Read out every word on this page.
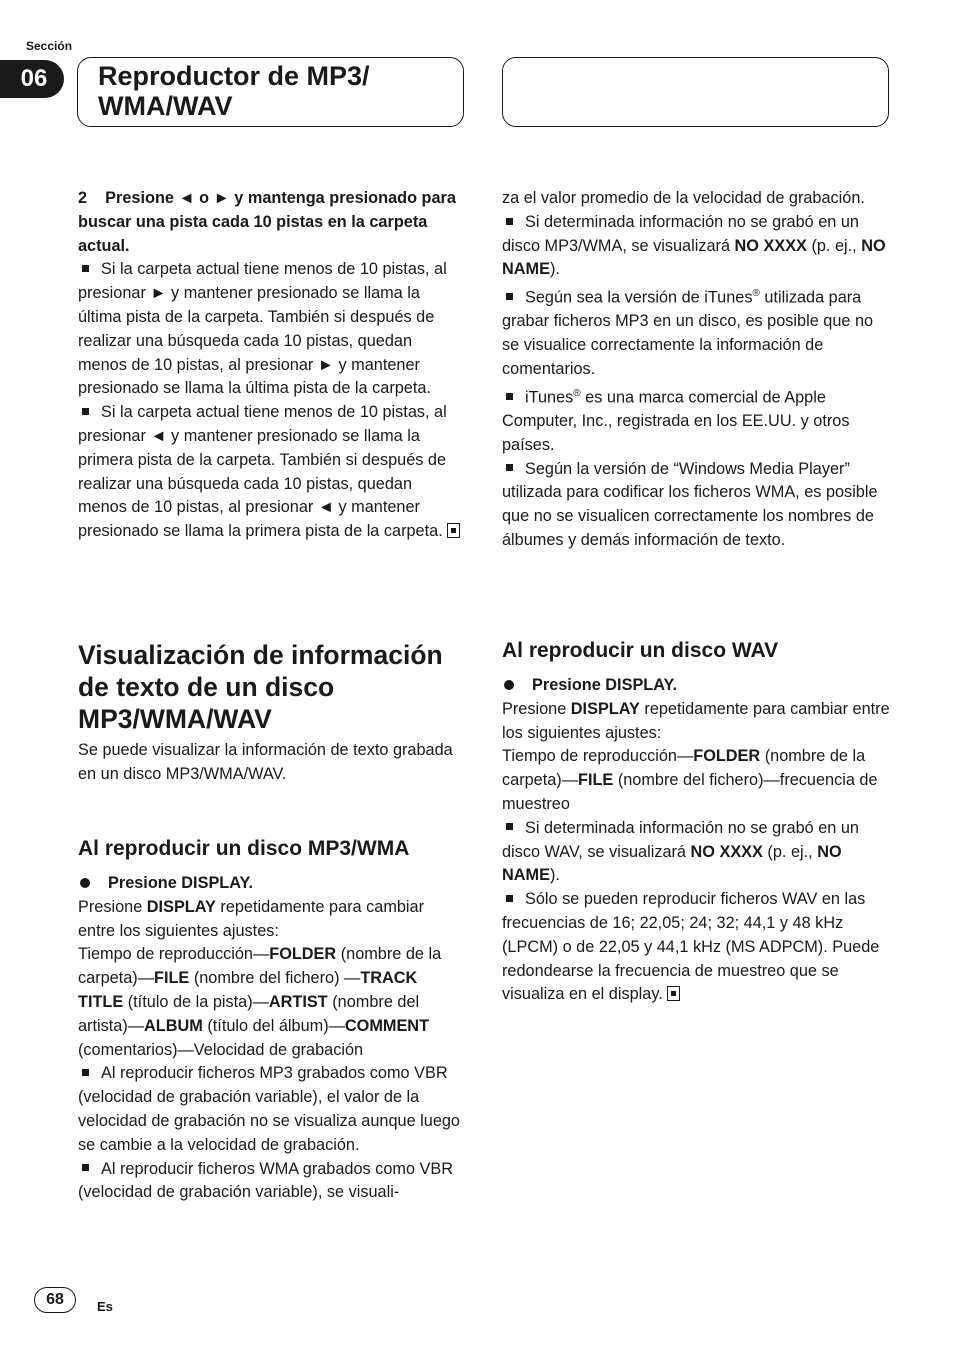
Sección
06	Reproductor de MP3/ WMA/WAV

2 Presione ◄ o ► y mantenga presionado para buscar una pista cada 10 pistas en la carpeta actual.

Si la carpeta actual tiene menos de 10 pistas, al presionar ► y mantener presionado se llama la última pista de la carpeta. También si después de realizar una búsqueda cada 10 pistas, quedan menos de 10 pistas, al presionar ► y mantener presionado se llama la última pista de la carpeta.

Si la carpeta actual tiene menos de 10 pistas, al presionar ◄ y mantener presionado se llama la primera pista de la carpeta. También si después de realizar una búsqueda cada 10 pistas, quedan menos de 10 pistas, al presionar ◄ y mantener presionado se llama la primera pista de la carpeta.

za el valor promedio de la velocidad de grabación.

Si determinada información no se grabó en un disco MP3/WMA, se visualizará NO XXXX (p. ej., NO NAME).

Según sea la versión de iTunes® utilizada para grabar ficheros MP3 en un disco, es posible que no se visualice correctamente la información de comentarios.

iTunes® es una marca comercial de Apple Computer, Inc., registrada en los EE.UU. y otros países.

Según la versión de “Windows Media Player” utilizada para codificar los ficheros WMA, es posible que no se visualicen correctamente los nombres de álbumes y demás información de texto.

Visualización de información de texto de un disco MP3/WMA/WAV

Se puede visualizar la información de texto grabada en un disco MP3/WMA/WAV.

Al reproducir un disco MP3/WMA

Presione DISPLAY.

Presione DISPLAY repetidamente para cambiar entre los siguientes ajustes:

Tiempo de reproducción—FOLDER (nombre de la carpeta)—FILE (nombre del fichero) —TRACK TITLE (título de la pista)—ARTIST (nombre del artista)—ALBUM (título del álbum)—COMMENT (comentarios)—Velocidad de grabación

Al reproducir ficheros MP3 grabados como VBR (velocidad de grabación variable), el valor de la velocidad de grabación no se visualiza aunque luego se cambie a la velocidad de grabación.

Al reproducir ficheros WMA grabados como VBR (velocidad de grabación variable), se visuali-

Al reproducir un disco WAV

Presione DISPLAY.

Presione DISPLAY repetidamente para cambiar entre los siguientes ajustes:

Tiempo de reproducción—FOLDER (nombre de la carpeta)—FILE (nombre del fichero)—frecuencia de muestreo

Si determinada información no se grabó en un disco WAV, se visualizará NO XXXX (p. ej., NO NAME).

Sólo se pueden reproducir ficheros WAV en las frecuencias de 16; 22,05; 24; 32; 44,1 y 48 kHz (LPCM) o de 22,05 y 44,1 kHz (MS ADPCM). Puede redondearse la frecuencia de muestreo que se visualiza en el display.

68	Es
